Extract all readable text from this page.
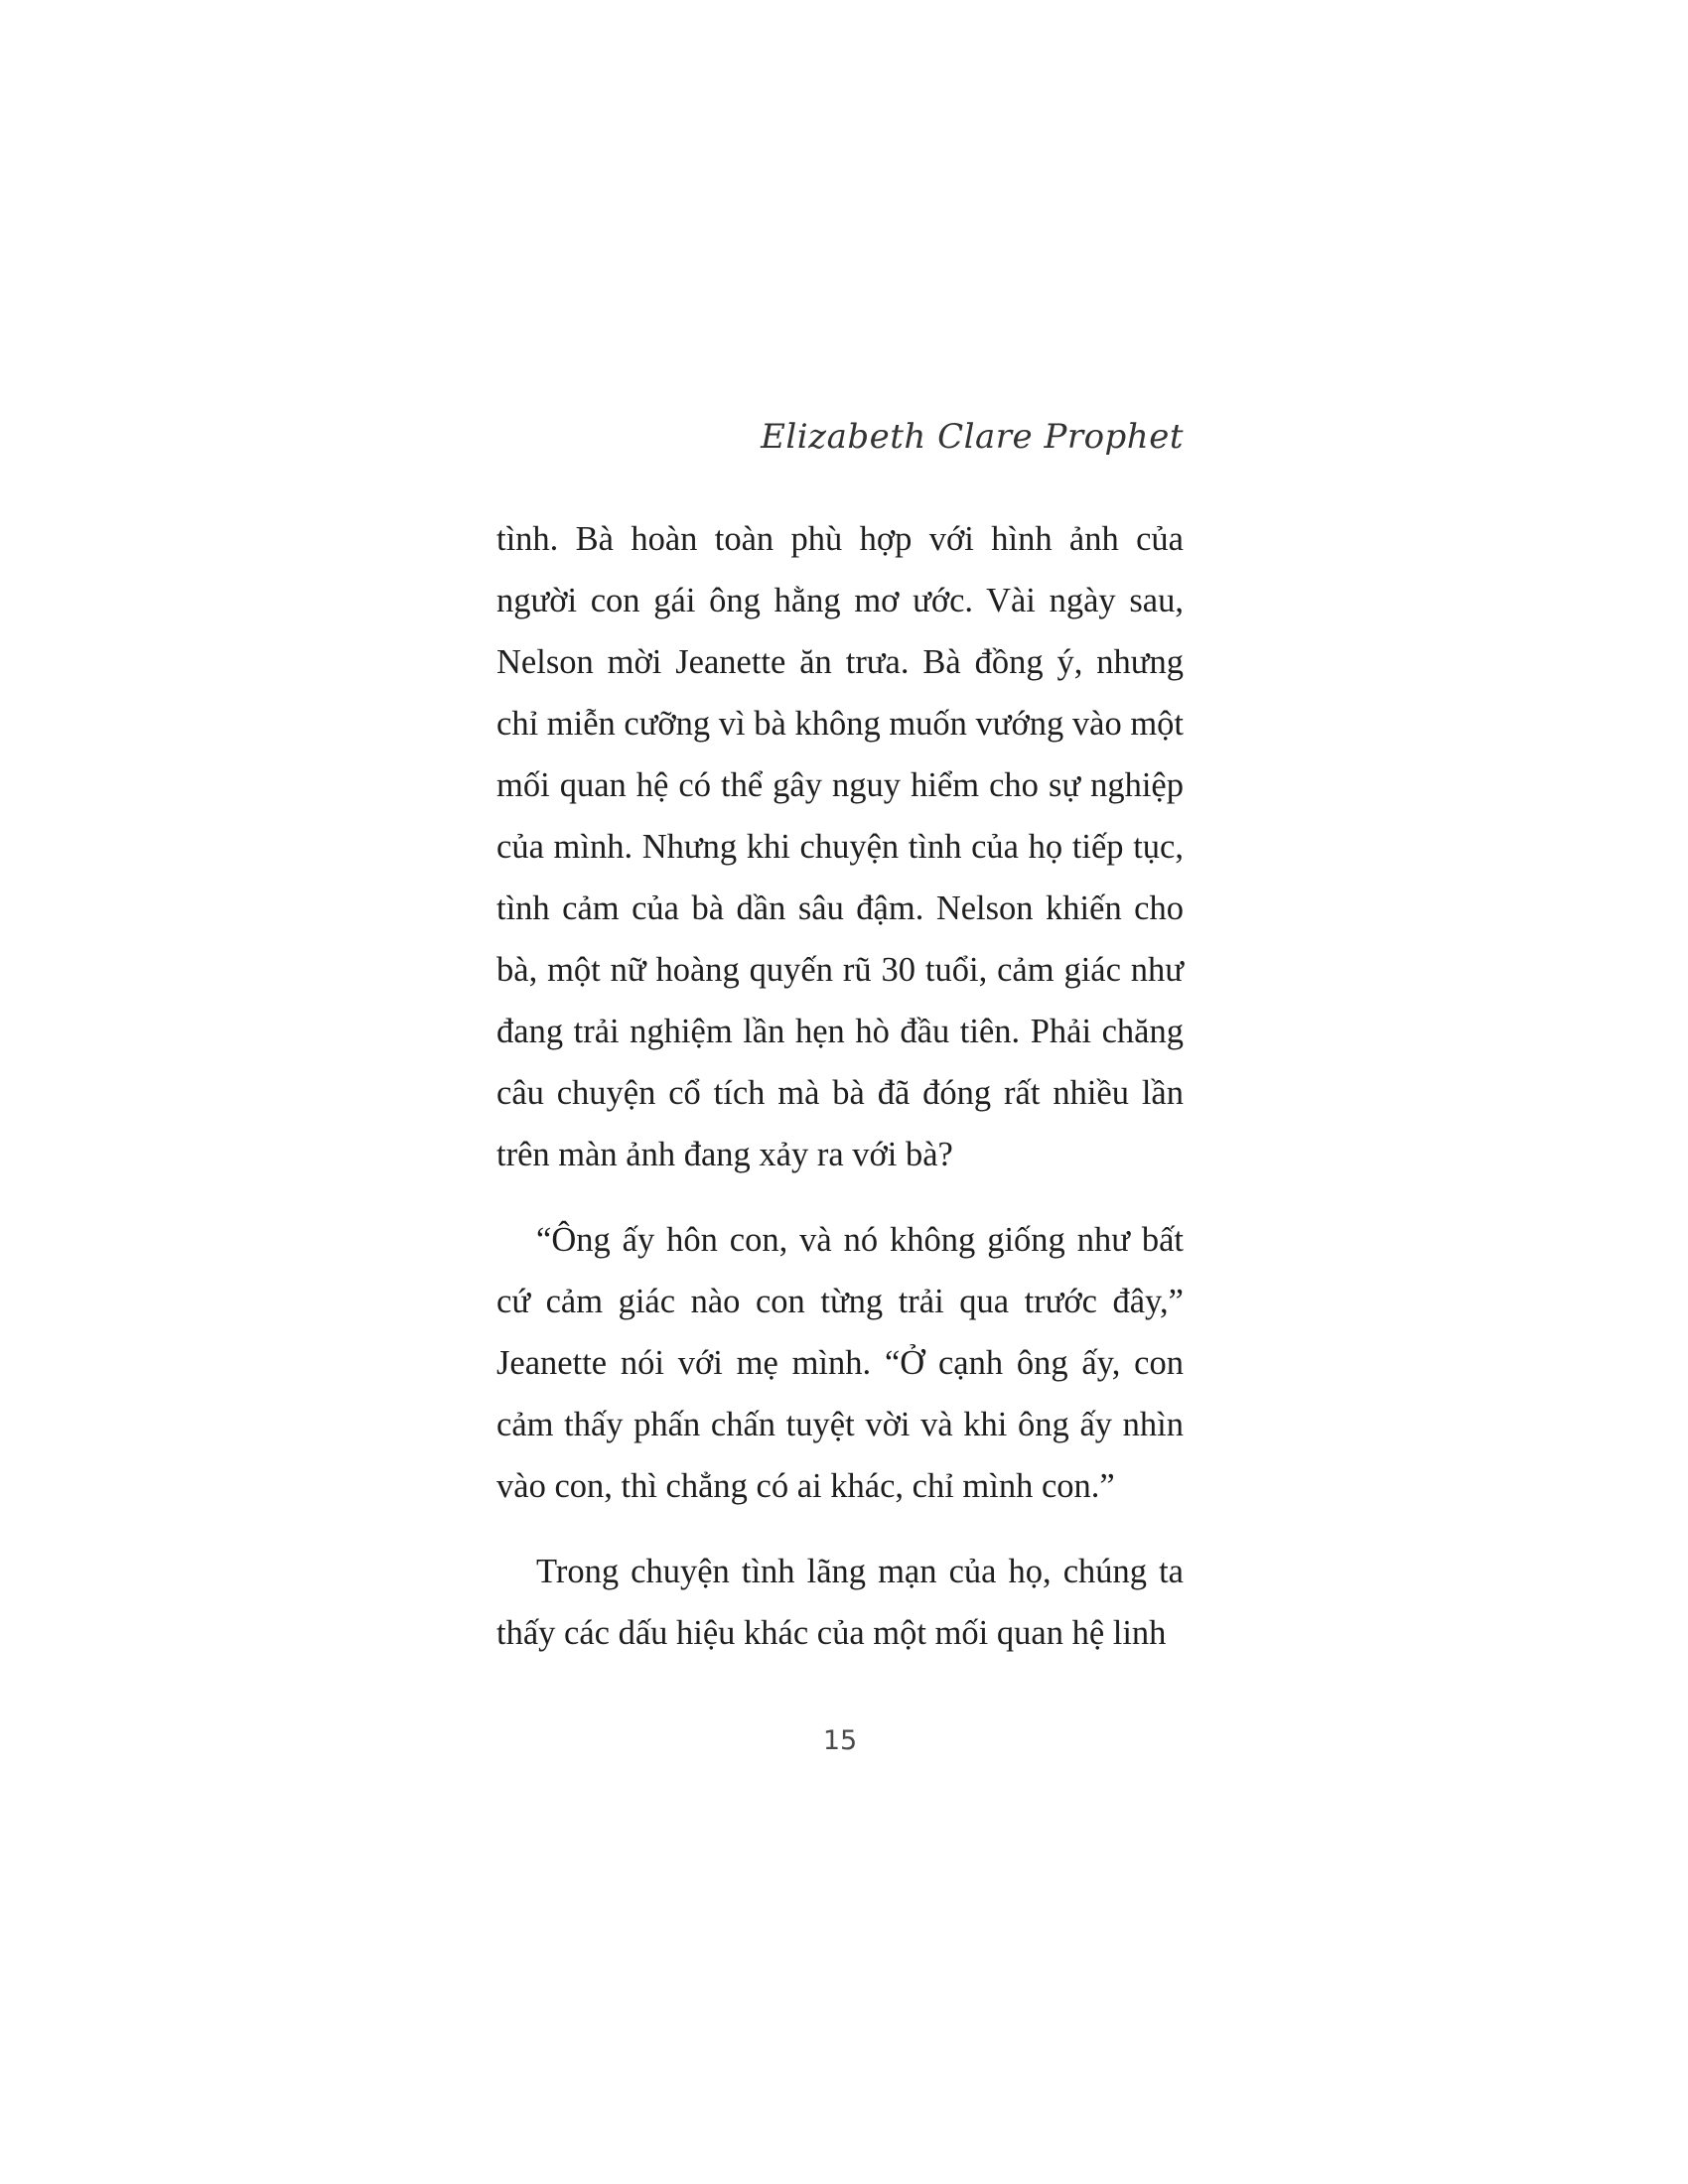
Elizabeth Clare Prophet

tình. Bà hoàn toàn phù hợp với hình ảnh của người con gái ông hằng mơ ước. Vài ngày sau, Nelson mời Jeanette ăn trưa. Bà đồng ý, nhưng chỉ miễn cưỡng vì bà không muốn vướng vào một mối quan hệ có thể gây nguy hiểm cho sự nghiệp của mình. Nhưng khi chuyện tình của họ tiếp tục, tình cảm của bà dần sâu đậm. Nelson khiến cho bà, một nữ hoàng quyến rũ 30 tuổi, cảm giác như đang trải nghiệm lần hẹn hò đầu tiên. Phải chăng câu chuyện cổ tích mà bà đã đóng rất nhiều lần trên màn ảnh đang xảy ra với bà?

“Ông ấy hôn con, và nó không giống như bất cứ cảm giác nào con từng trải qua trước đây,” Jeanette nói với mẹ mình. “Ở cạnh ông ấy, con cảm thấy phấn chấn tuyệt vời và khi ông ấy nhìn vào con, thì chẳng có ai khác, chỉ mình con.”

Trong chuyện tình lãng mạn của họ, chúng ta thấy các dấu hiệu khác của một mối quan hệ linh

15
